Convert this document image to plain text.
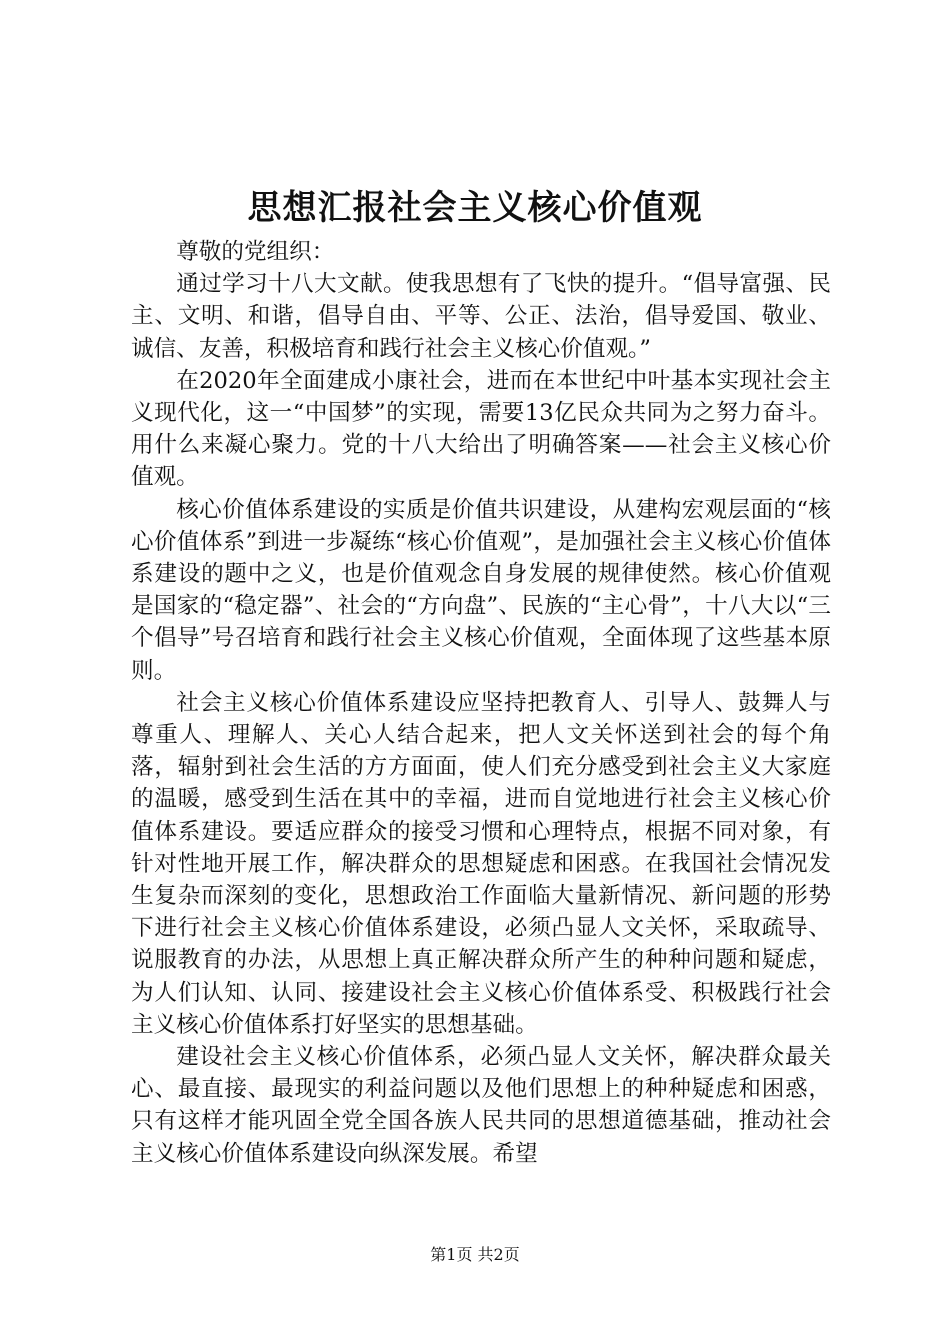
思想汇报社会主义核心价值观

尊敬的党组织：

通过学习十八大文献。使我思想有了飞快的提升。“倡导富强、民主、文明、和谐，倡导自由、平等、公正、法治，倡导爱国、敬业、诚信、友善，积极培育和践行社会主义核心价值观。”

在2020年全面建成小康社会，进而在本世纪中叶基本实现社会主义现代化，这一“中国梦”的实现，需要13亿民众共同为之努力奋斗。用什么来凝心聚力。党的十八大给出了明确答案——社会主义核心价值观。

核心价值体系建设的实质是价值共识建设，从建构宏观层面的“核心价值体系”到进一步凝练“核心价值观”，是加强社会主义核心价值体系建设的题中之义，也是价值观念自身发展的规律使然。核心价值观是国家的“稳定器”、社会的“方向盘”、民族的“主心骨”，十八大以“三个倡导”号召培育和践行社会主义核心价值观，全面体现了这些基本原则。

社会主义核心价值体系建设应坚持把教育人、引导人、鼓舞人与尊重人、理解人、关心人结合起来，把人文关怀送到社会的每个角落，辐射到社会生活的方方面面，使人们充分感受到社会主义大家庭的温暖，感受到生活在其中的幸福，进而自觉地进行社会主义核心价值体系建设。要适应群众的接受习惯和心理特点，根据不同对象，有针对性地开展工作，解决群众的思想疑虑和困惑。在我国社会情况发生复杂而深刻的变化，思想政治工作面临大量新情况、新问题的形势下进行社会主义核心价值体系建设，必须凸显人文关怀，采取疏导、说服教育的办法，从思想上真正解决群众所产生的种种问题和疑虑，为人们认知、认同、接建设社会主义核心价值体系受、积极践行社会主义核心价值体系打好坚实的思想基础。

建设社会主义核心价值体系，必须凸显人文关怀，解决群众最关心、最直接、最现实的利益问题以及他们思想上的种种疑虑和困惑，只有这样才能巩固全党全国各族人民共同的思想道德基础，推动社会主义核心价值体系建设向纵深发展。希望

第1页 共2页
